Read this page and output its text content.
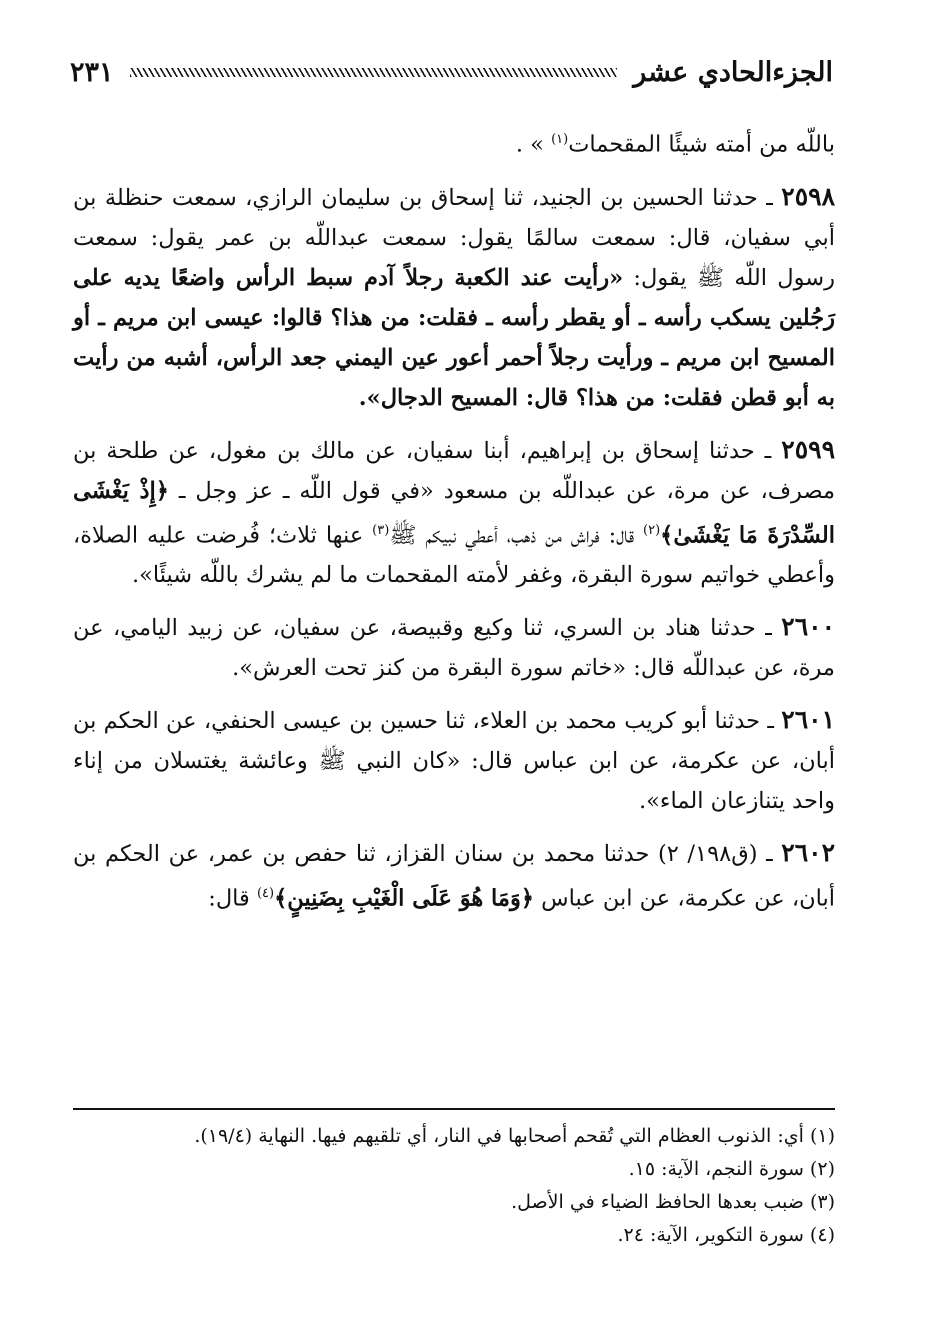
الجزءالحادي عشر
٢٣١

باللّه من أمته شيئًا المقحمات$^{(١)}$ » .

٢٥٩٨ ـ حدثنا الحسين بن الجنيد، ثنا إسحاق بن سليمان الرازي، سمعت حنظلة بن أبي سفيان، قال: سمعت سالمًا يقول: سمعت عبداللّه بن عمر يقول: سمعت رسول اللّه ﷺ يقول: «رأيت عند الكعبة رجلاً آدم سبط الرأس واضعًا يديه على رَجُلين يسكب رأسه ـ أو يقطر رأسه ـ فقلت: من هذا؟ قالوا: عيسى ابن مريم ـ أو المسيح ابن مريم ـ ورأيت رجلاً أحمر أعور عين اليمني جعد الرأس، أشبه من رأيت به أبو قطن فقلت: من هذا؟ قال: المسيح الدجال».

٢٥٩٩ ـ حدثنا إسحاق بن إبراهيم، أبنا سفيان، عن مالك بن مغول، عن طلحة بن مصرف، عن مرة، عن عبداللّه بن مسعود «في قول اللّه ـ عز وجل ـ ﴿إِذْ يَغْشَى السِّدْرَةَ مَا يَغْشَىٰ﴾$^{(٢)}$ قال: فراش من ذهب، أعطي نبيكم ﷺ$^{(٣)}$ عنها ثلاث؛ فُرضت عليه الصلاة، وأعطي خواتيم سورة البقرة، وغفر لأمته المقحمات ما لم يشرك باللّه شيئًا».

٢٦٠٠ ـ حدثنا هناد بن السري، ثنا وكيع وقبيصة، عن سفيان، عن زبيد اليامي، عن مرة، عن عبداللّه قال: «خاتم سورة البقرة من كنز تحت العرش».

٢٦٠١ ـ حدثنا أبو كريب محمد بن العلاء، ثنا حسين بن عيسى الحنفي، عن الحكم بن أبان، عن عكرمة، عن ابن عباس قال: «كان النبي ﷺ وعائشة يغتسلان من إناء واحد يتنازعان الماء».

٢٦٠٢ ـ (ق١٩٨/ ٢) حدثنا محمد بن سنان القزاز، ثنا حفص بن عمر، عن الحكم بن أبان، عن عكرمة، عن ابن عباس ﴿وَمَا هُوَ عَلَى الْغَيْبِ بِضَنِينٍ﴾$^{(٤)}$ قال:

(١) أي: الذنوب العظام التي تُقحم أصحابها في النار، أي تلقيهم فيها. النهاية (١٩/٤).

(٢) سورة النجم، الآية: ١٥.

(٣) ضبب بعدها الحافظ الضياء في الأصل.

(٤) سورة التكوير، الآية: ٢٤.
